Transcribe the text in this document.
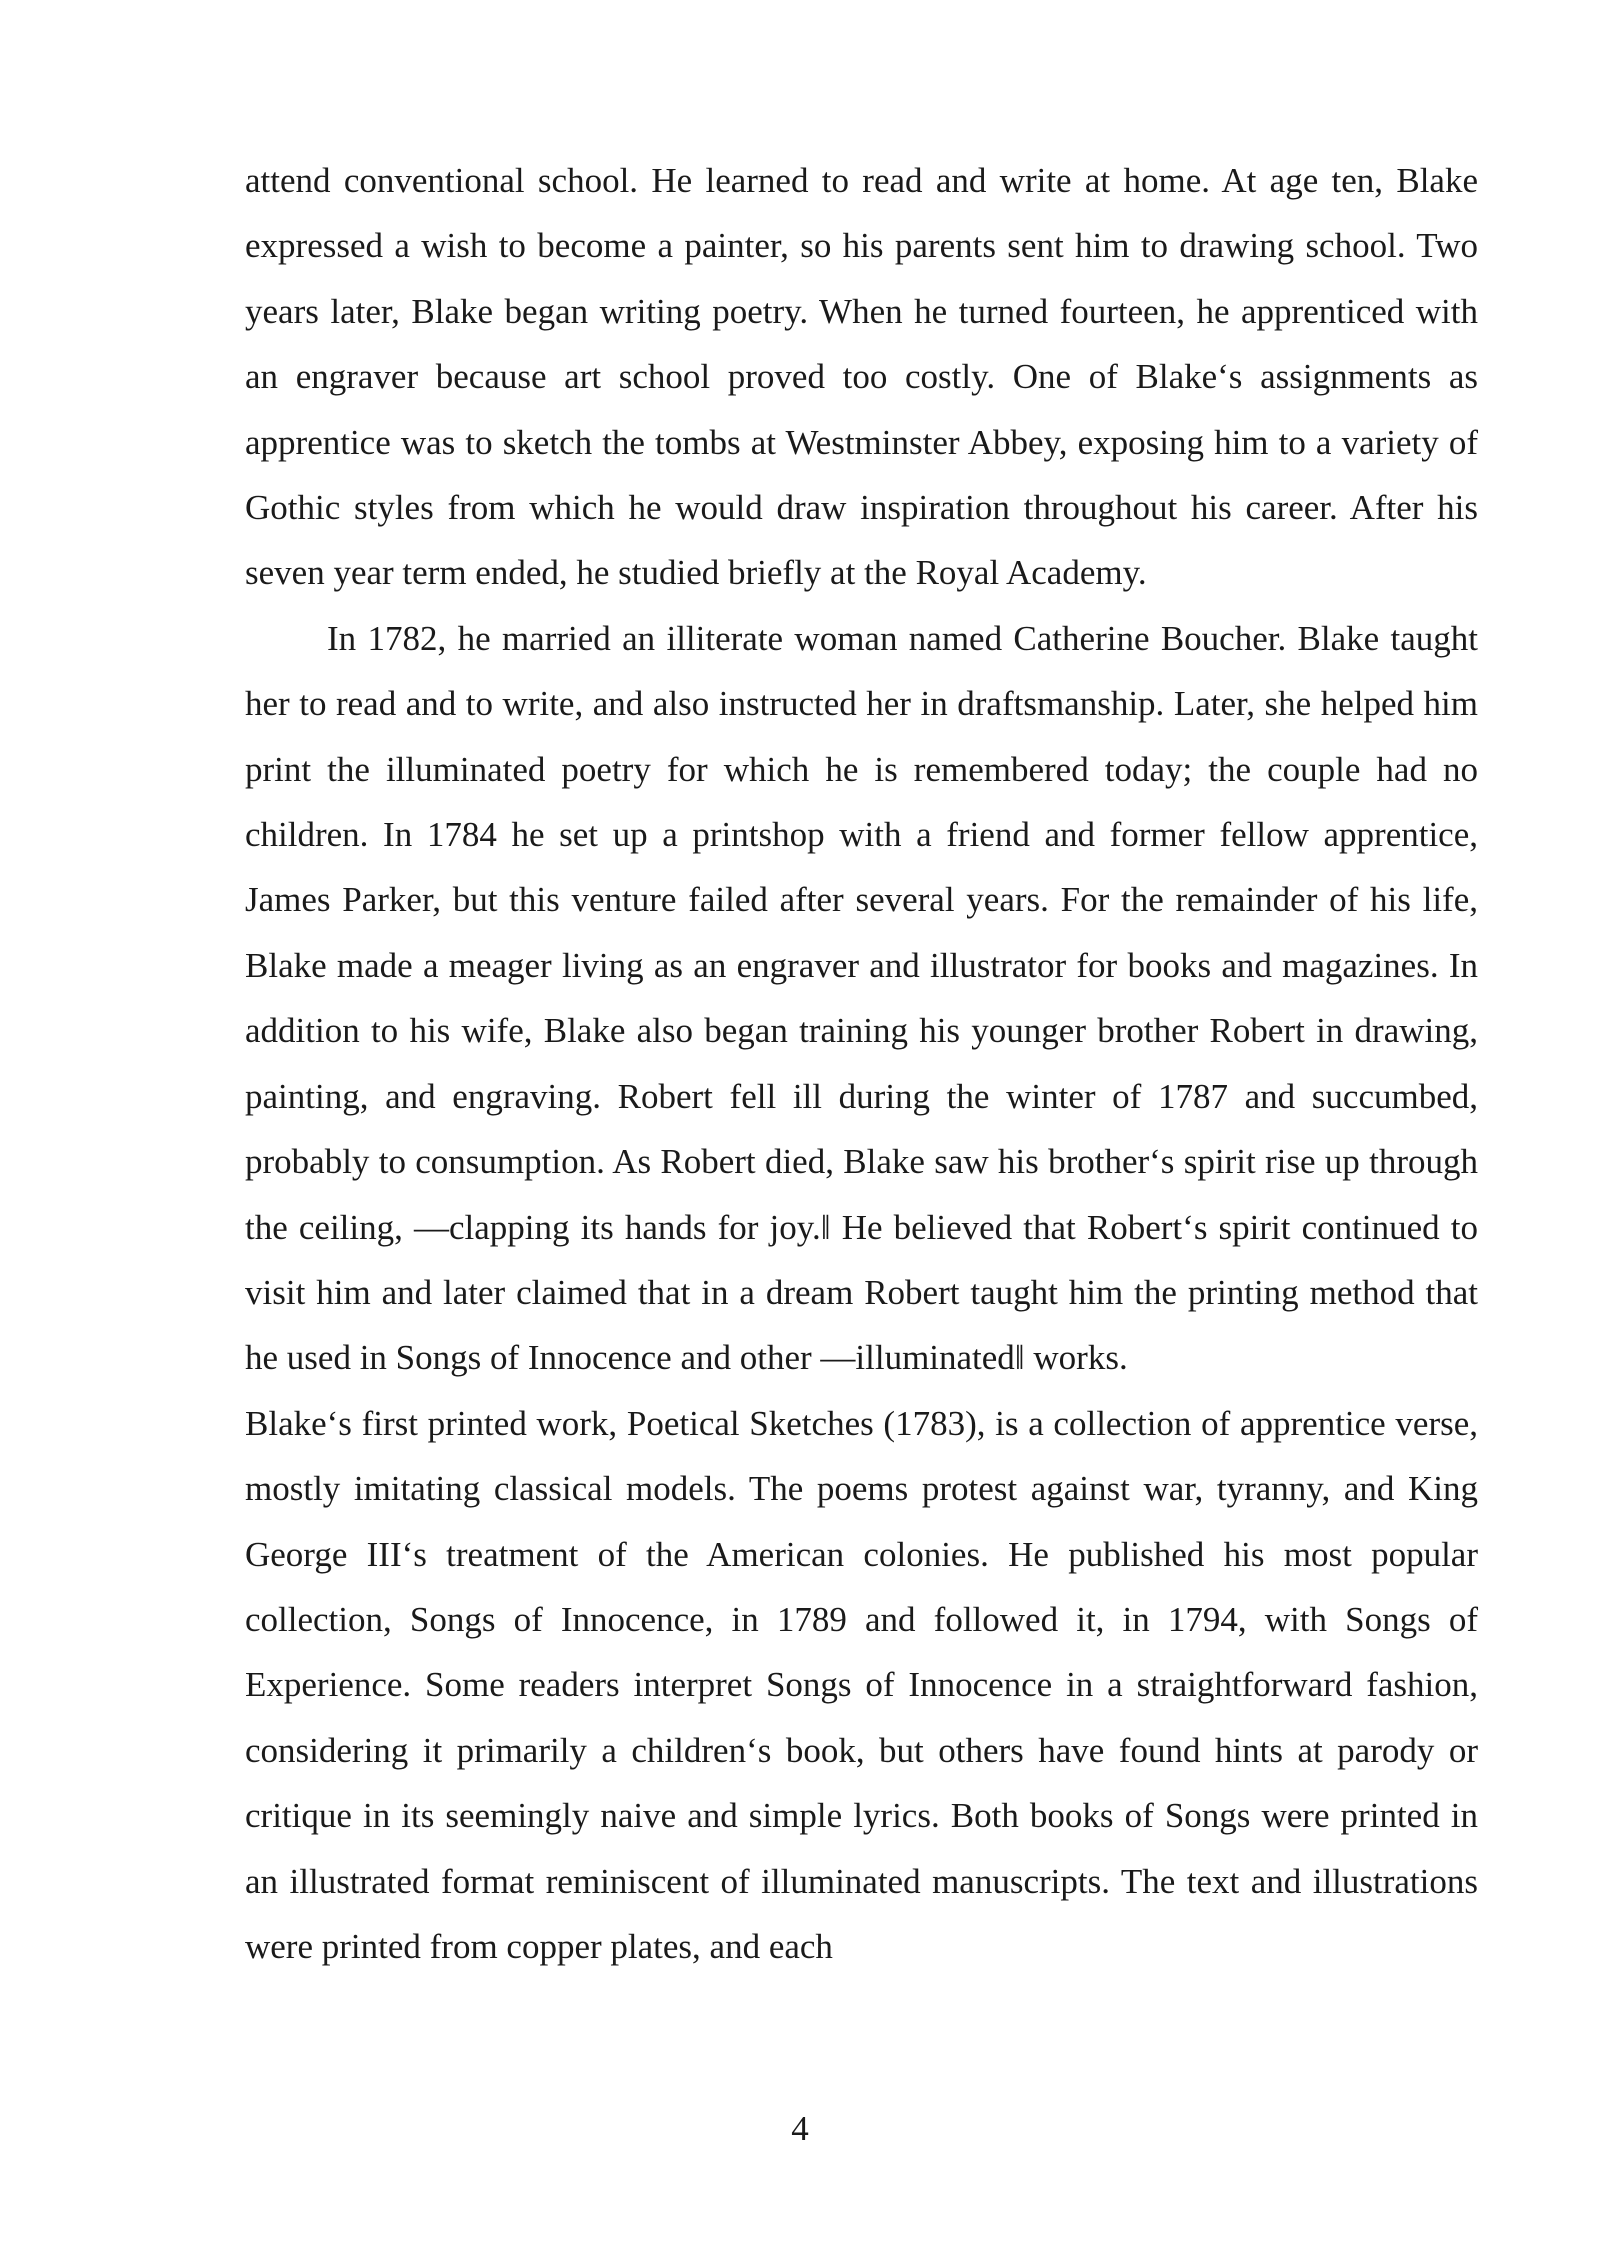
attend conventional school. He learned to read and write at home. At age ten, Blake expressed a wish to become a painter, so his parents sent him to drawing school. Two years later, Blake began writing poetry. When he turned fourteen, he apprenticed with an engraver because art school proved too costly. One of Blake‘s assignments as apprentice was to sketch the tombs at Westminster Abbey, exposing him to a variety of Gothic styles from which he would draw inspiration throughout his career. After his seven year term ended, he studied briefly at the Royal Academy.

In 1782, he married an illiterate woman named Catherine Boucher. Blake taught her to read and to write, and also instructed her in draftsmanship. Later, she helped him print the illuminated poetry for which he is remembered today; the couple had no children. In 1784 he set up a printshop with a friend and former fellow apprentice, James Parker, but this venture failed after several years. For the remainder of his life, Blake made a meager living as an engraver and illustrator for books and magazines. In addition to his wife, Blake also began training his younger brother Robert in drawing, painting, and engraving. Robert fell ill during the winter of 1787 and succumbed, probably to consumption. As Robert died, Blake saw his brother‘s spirit rise up through the ceiling, ―clapping its hands for joy.‖ He believed that Robert‘s spirit continued to visit him and later claimed that in a dream Robert taught him the printing method that he used in Songs of Innocence and other ―illuminated‖ works.

Blake‘s first printed work, Poetical Sketches (1783), is a collection of apprentice verse, mostly imitating classical models. The poems protest against war, tyranny, and King George III‘s treatment of the American colonies. He published his most popular collection, Songs of Innocence, in 1789 and followed it, in 1794, with Songs of Experience. Some readers interpret Songs of Innocence in a straightforward fashion, considering it primarily a children‘s book, but others have found hints at parody or critique in its seemingly naive and simple lyrics. Both books of Songs were printed in an illustrated format reminiscent of illuminated manuscripts. The text and illustrations were printed from copper plates, and each

4
